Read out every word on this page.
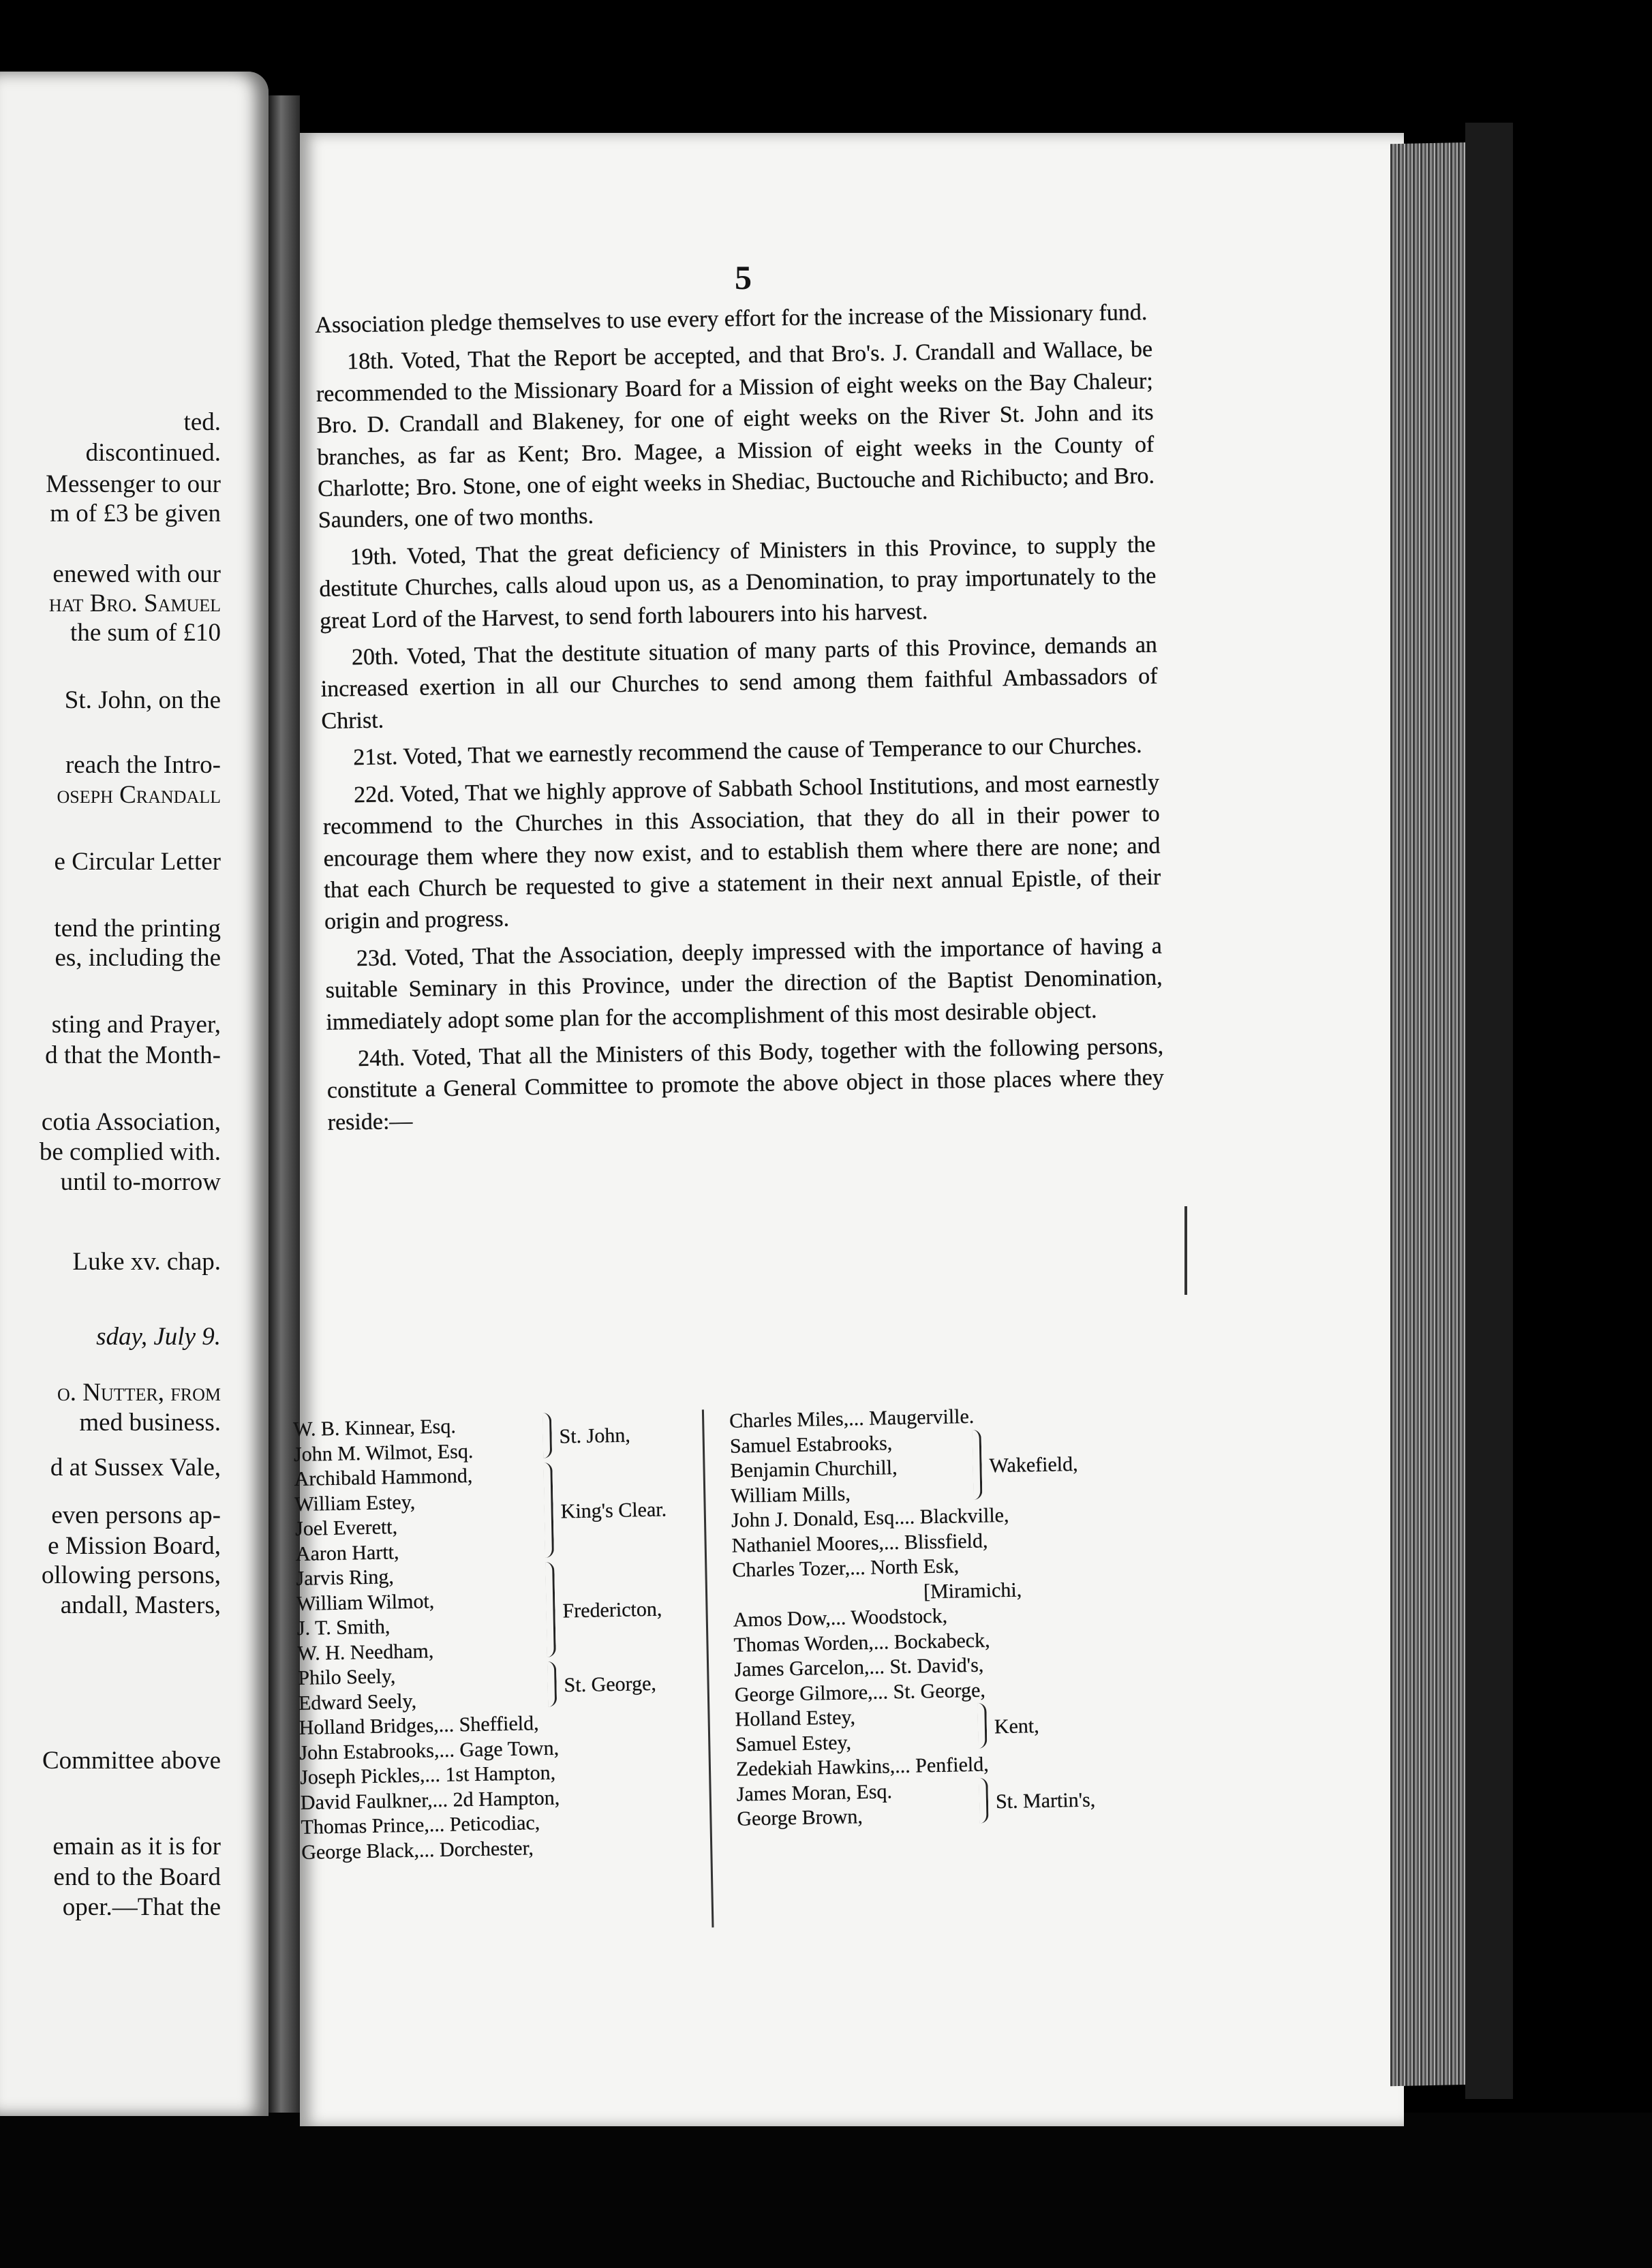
ted.
discontinued.
Messenger to our
m of £3 be given
enewed with our
hat Bro. Samuel
the sum of £10
St. John, on the
reach the Intro-
oseph Crandall
e Circular Letter
tend the printing
es, including the
sting and Prayer,
d that the Month-
cotia Association,
be complied with.
until to-morrow
Luke xv. chap.
sday, July 9.
o. Nutter, from
med business.
d at Sussex Vale,
even persons ap-
e Mission Board,
ollowing persons,
andall, Masters,
Committee above
emain as it is for
end to the Board
oper.—That the
5

Association pledge themselves to use every effort for the increase of the Missionary fund.

18th. Voted, That the Report be accepted, and that Bro's. J. Crandall and Wallace, be recommended to the Missionary Board for a Mission of eight weeks on the Bay Chaleur; Bro. D. Crandall and Blakeney, for one of eight weeks on the River St. John and its branches, as far as Kent; Bro. Magee, a Mission of eight weeks in the County of Charlotte; Bro. Stone, one of eight weeks in Shediac, Buctouche and Richibucto; and Bro. Saunders, one of two months.

19th. Voted, That the great deficiency of Ministers in this Province, to supply the destitute Churches, calls aloud upon us, as a Denomination, to pray importunately to the great Lord of the Harvest, to send forth labourers into his harvest.

20th. Voted, That the destitute situation of many parts of this Province, demands an increased exertion in all our Churches to send among them faithful Ambassadors of Christ.

21st. Voted, That we earnestly recommend the cause of Temperance to our Churches.

22d. Voted, That we highly approve of Sabbath School Institutions, and most earnestly recommend to the Churches in this Association, that they do all in their power to encourage them where they now exist, and to establish them where there are none; and that each Church be requested to give a statement in their next annual Epistle, of their origin and progress.

23d. Voted, That the Association, deeply impressed with the importance of having a suitable Seminary in this Province, under the direction of the Baptist Denomination, immediately adopt some plan for the accomplishment of this most desirable object.

24th. Voted, That all the Ministers of this Body, together with the following persons, constitute a General Committee to promote the above object in those places where they reside:—

W. B. Kinnear, Esq.
John M. Wilmot, Esq.
St. John,
Archibald Hammond,
William Estey,
Joel Everett,
Aaron Hartt,
King's Clear.
Jarvis Ring,
William Wilmot,
J. T. Smith,
W. H. Needham,
Fredericton,
Philo Seely,
Edward Seely,
St. George,
Holland Bridges,... Sheffield,
John Estabrooks,... Gage Town,
Joseph Pickles,... 1st Hampton,
David Faulkner,... 2d Hampton,
Thomas Prince,... Peticodiac,
George Black,... Dorchester,
Charles Miles,... Maugerville.
Samuel Estabrooks,
Benjamin Churchill,
William Mills,
Wakefield,
John J. Donald, Esq.... Blackville,
Nathaniel Moores,... Blissfield,
Charles Tozer,... North Esk,
[Miramichi,
Amos Dow,... Woodstock,
Thomas Worden,... Bockabeck,
James Garcelon,... St. David's,
George Gilmore,... St. George,
Holland Estey,
Samuel Estey,
Kent,
Zedekiah Hawkins,... Penfield,
James Moran, Esq.
George Brown,
St. Martin's,
